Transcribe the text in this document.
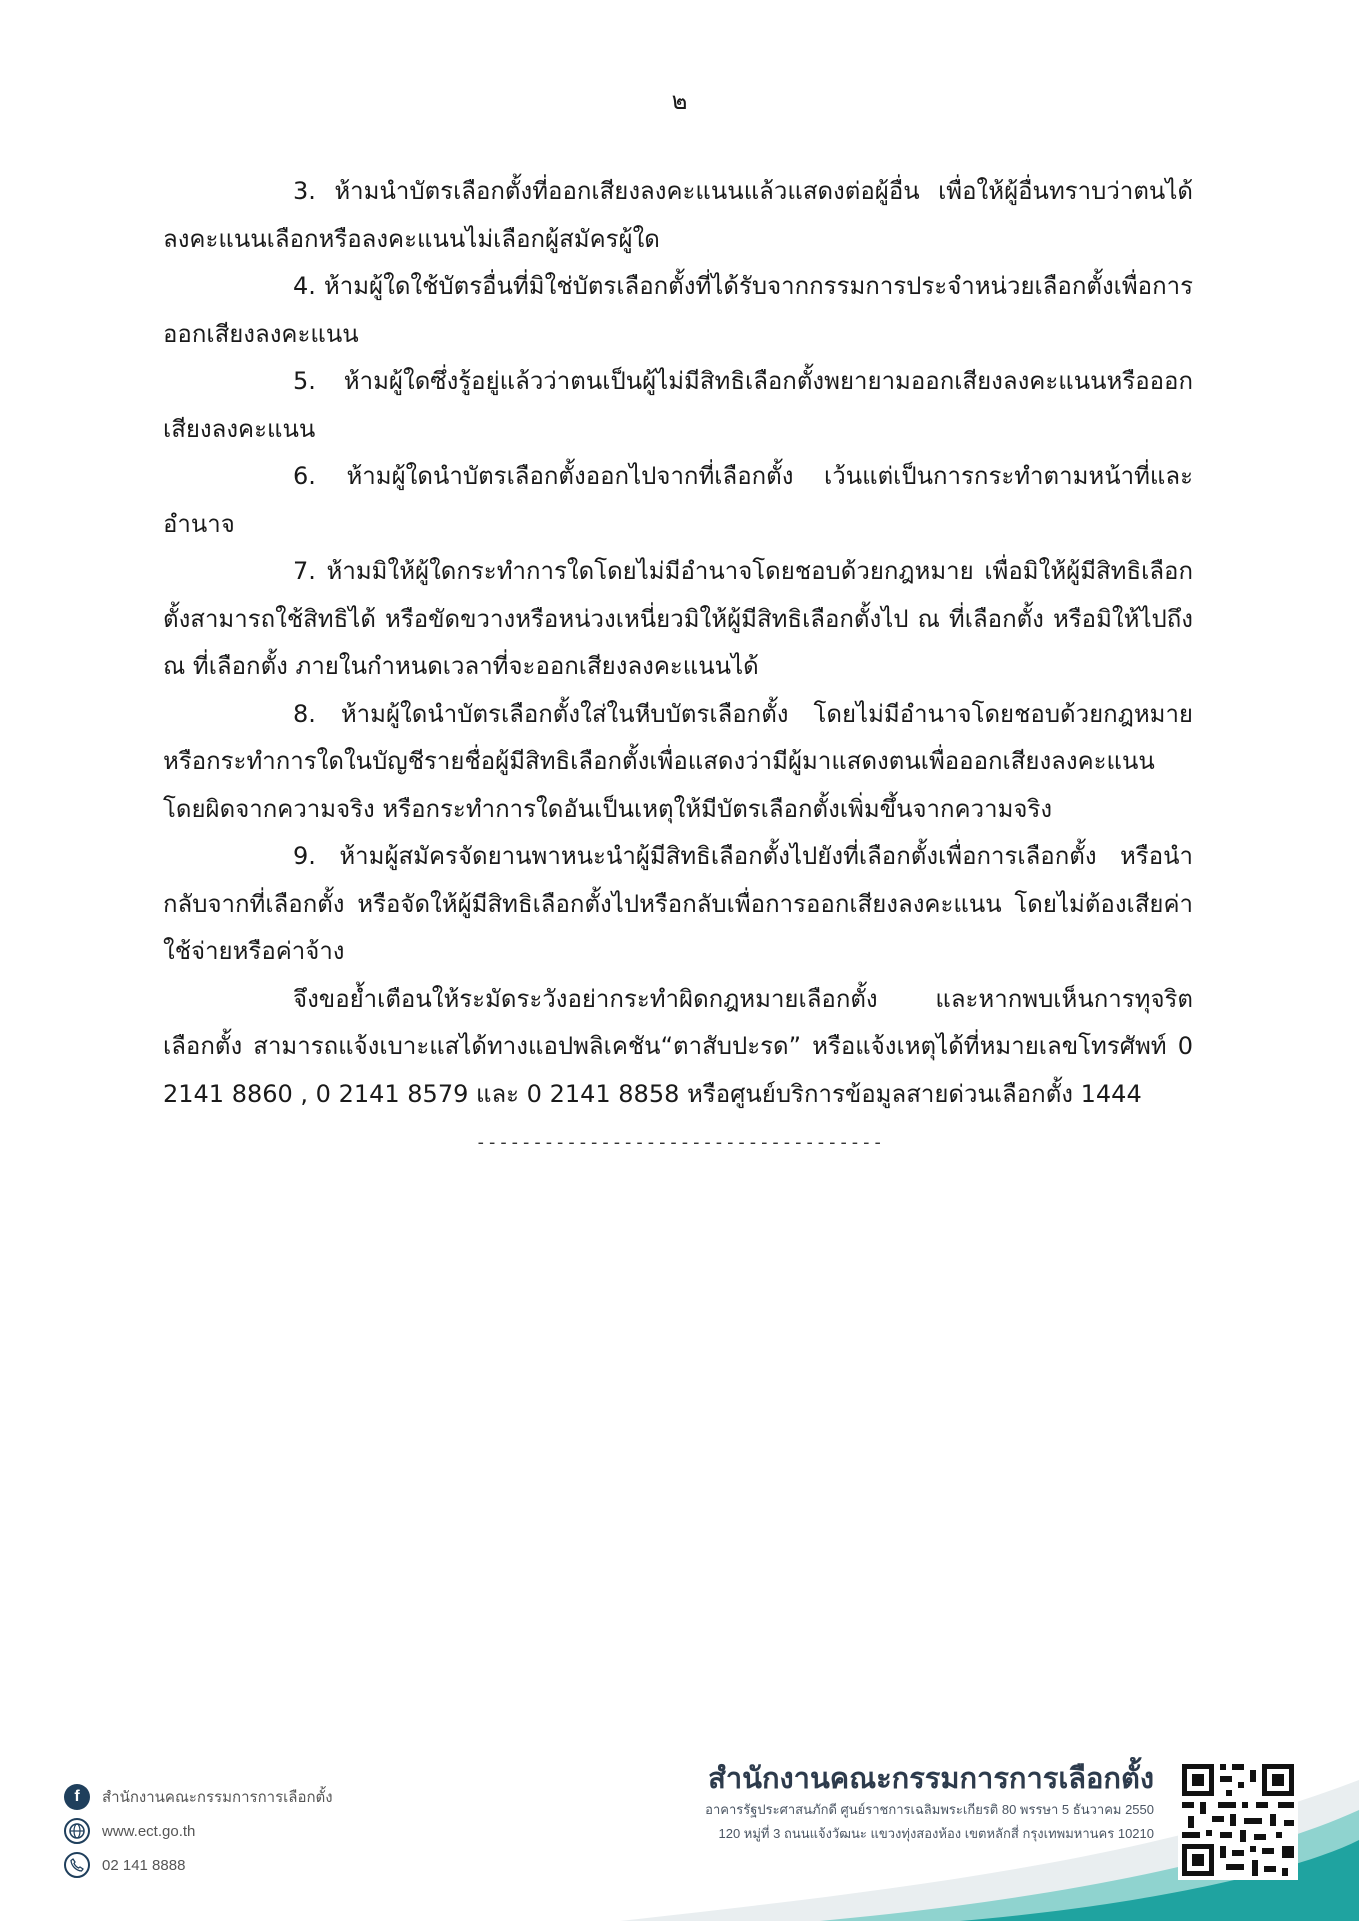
๒

3. ห้ามนำบัตรเลือกตั้งที่ออกเสียงลงคะแนนแล้วแสดงต่อผู้อื่น เพื่อให้ผู้อื่นทราบว่าตนได้ลงคะแนนเลือกหรือลงคะแนนไม่เลือกผู้สมัครผู้ใด

4. ห้ามผู้ใดใช้บัตรอื่นที่มิใช่บัตรเลือกตั้งที่ได้รับจากกรรมการประจำหน่วยเลือกตั้งเพื่อการออกเสียงลงคะแนน

5. ห้ามผู้ใดซึ่งรู้อยู่แล้วว่าตนเป็นผู้ไม่มีสิทธิเลือกตั้งพยายามออกเสียงลงคะแนนหรือออกเสียงลงคะแนน

6. ห้ามผู้ใดนำบัตรเลือกตั้งออกไปจากที่เลือกตั้ง เว้นแต่เป็นการกระทำตามหน้าที่และอำนาจ

7. ห้ามมิให้ผู้ใดกระทำการใดโดยไม่มีอำนาจโดยชอบด้วยกฎหมาย เพื่อมิให้ผู้มีสิทธิเลือกตั้งสามารถใช้สิทธิได้ หรือขัดขวางหรือหน่วงเหนี่ยวมิให้ผู้มีสิทธิเลือกตั้งไป ณ ที่เลือกตั้ง หรือมิให้ไปถึง ณ ที่เลือกตั้ง ภายในกำหนดเวลาที่จะออกเสียงลงคะแนนได้

8. ห้ามผู้ใดนำบัตรเลือกตั้งใส่ในหีบบัตรเลือกตั้ง โดยไม่มีอำนาจโดยชอบด้วยกฎหมาย หรือกระทำการใดในบัญชีรายชื่อผู้มีสิทธิเลือกตั้งเพื่อแสดงว่ามีผู้มาแสดงตนเพื่อออกเสียงลงคะแนนโดยผิดจากความจริง หรือกระทำการใดอันเป็นเหตุให้มีบัตรเลือกตั้งเพิ่มขึ้นจากความจริง

9. ห้ามผู้สมัครจัดยานพาหนะนำผู้มีสิทธิเลือกตั้งไปยังที่เลือกตั้งเพื่อการเลือกตั้ง หรือนำกลับจากที่เลือกตั้ง หรือจัดให้ผู้มีสิทธิเลือกตั้งไปหรือกลับเพื่อการออกเสียงลงคะแนน โดยไม่ต้องเสียค่าใช้จ่ายหรือค่าจ้าง

จึงขอย้ำเตือนให้ระมัดระวังอย่ากระทำผิดกฎหมายเลือกตั้ง และหากพบเห็นการทุจริตเลือกตั้ง สามารถแจ้งเบาะแสได้ทางแอปพลิเคชัน“ตาสับปะรด” หรือแจ้งเหตุได้ที่หมายเลขโทรศัพท์ 0 2141 8860 , 0 2141 8579 และ 0 2141 8858 หรือศูนย์บริการข้อมูลสายด่วนเลือกตั้ง 1444

------------------------------------
f	สำนักงานคณะกรรมการการเลือกตั้ง
www.ect.go.th
02 141 8888
สำนักงานคณะกรรมการการเลือกตั้ง
อาคารรัฐประศาสนภักดี ศูนย์ราชการเฉลิมพระเกียรติ 80 พรรษา 5 ธันวาคม 2550
120 หมู่ที่ 3 ถนนแจ้งวัฒนะ แขวงทุ่งสองห้อง เขตหลักสี่ กรุงเทพมหานคร 10210
